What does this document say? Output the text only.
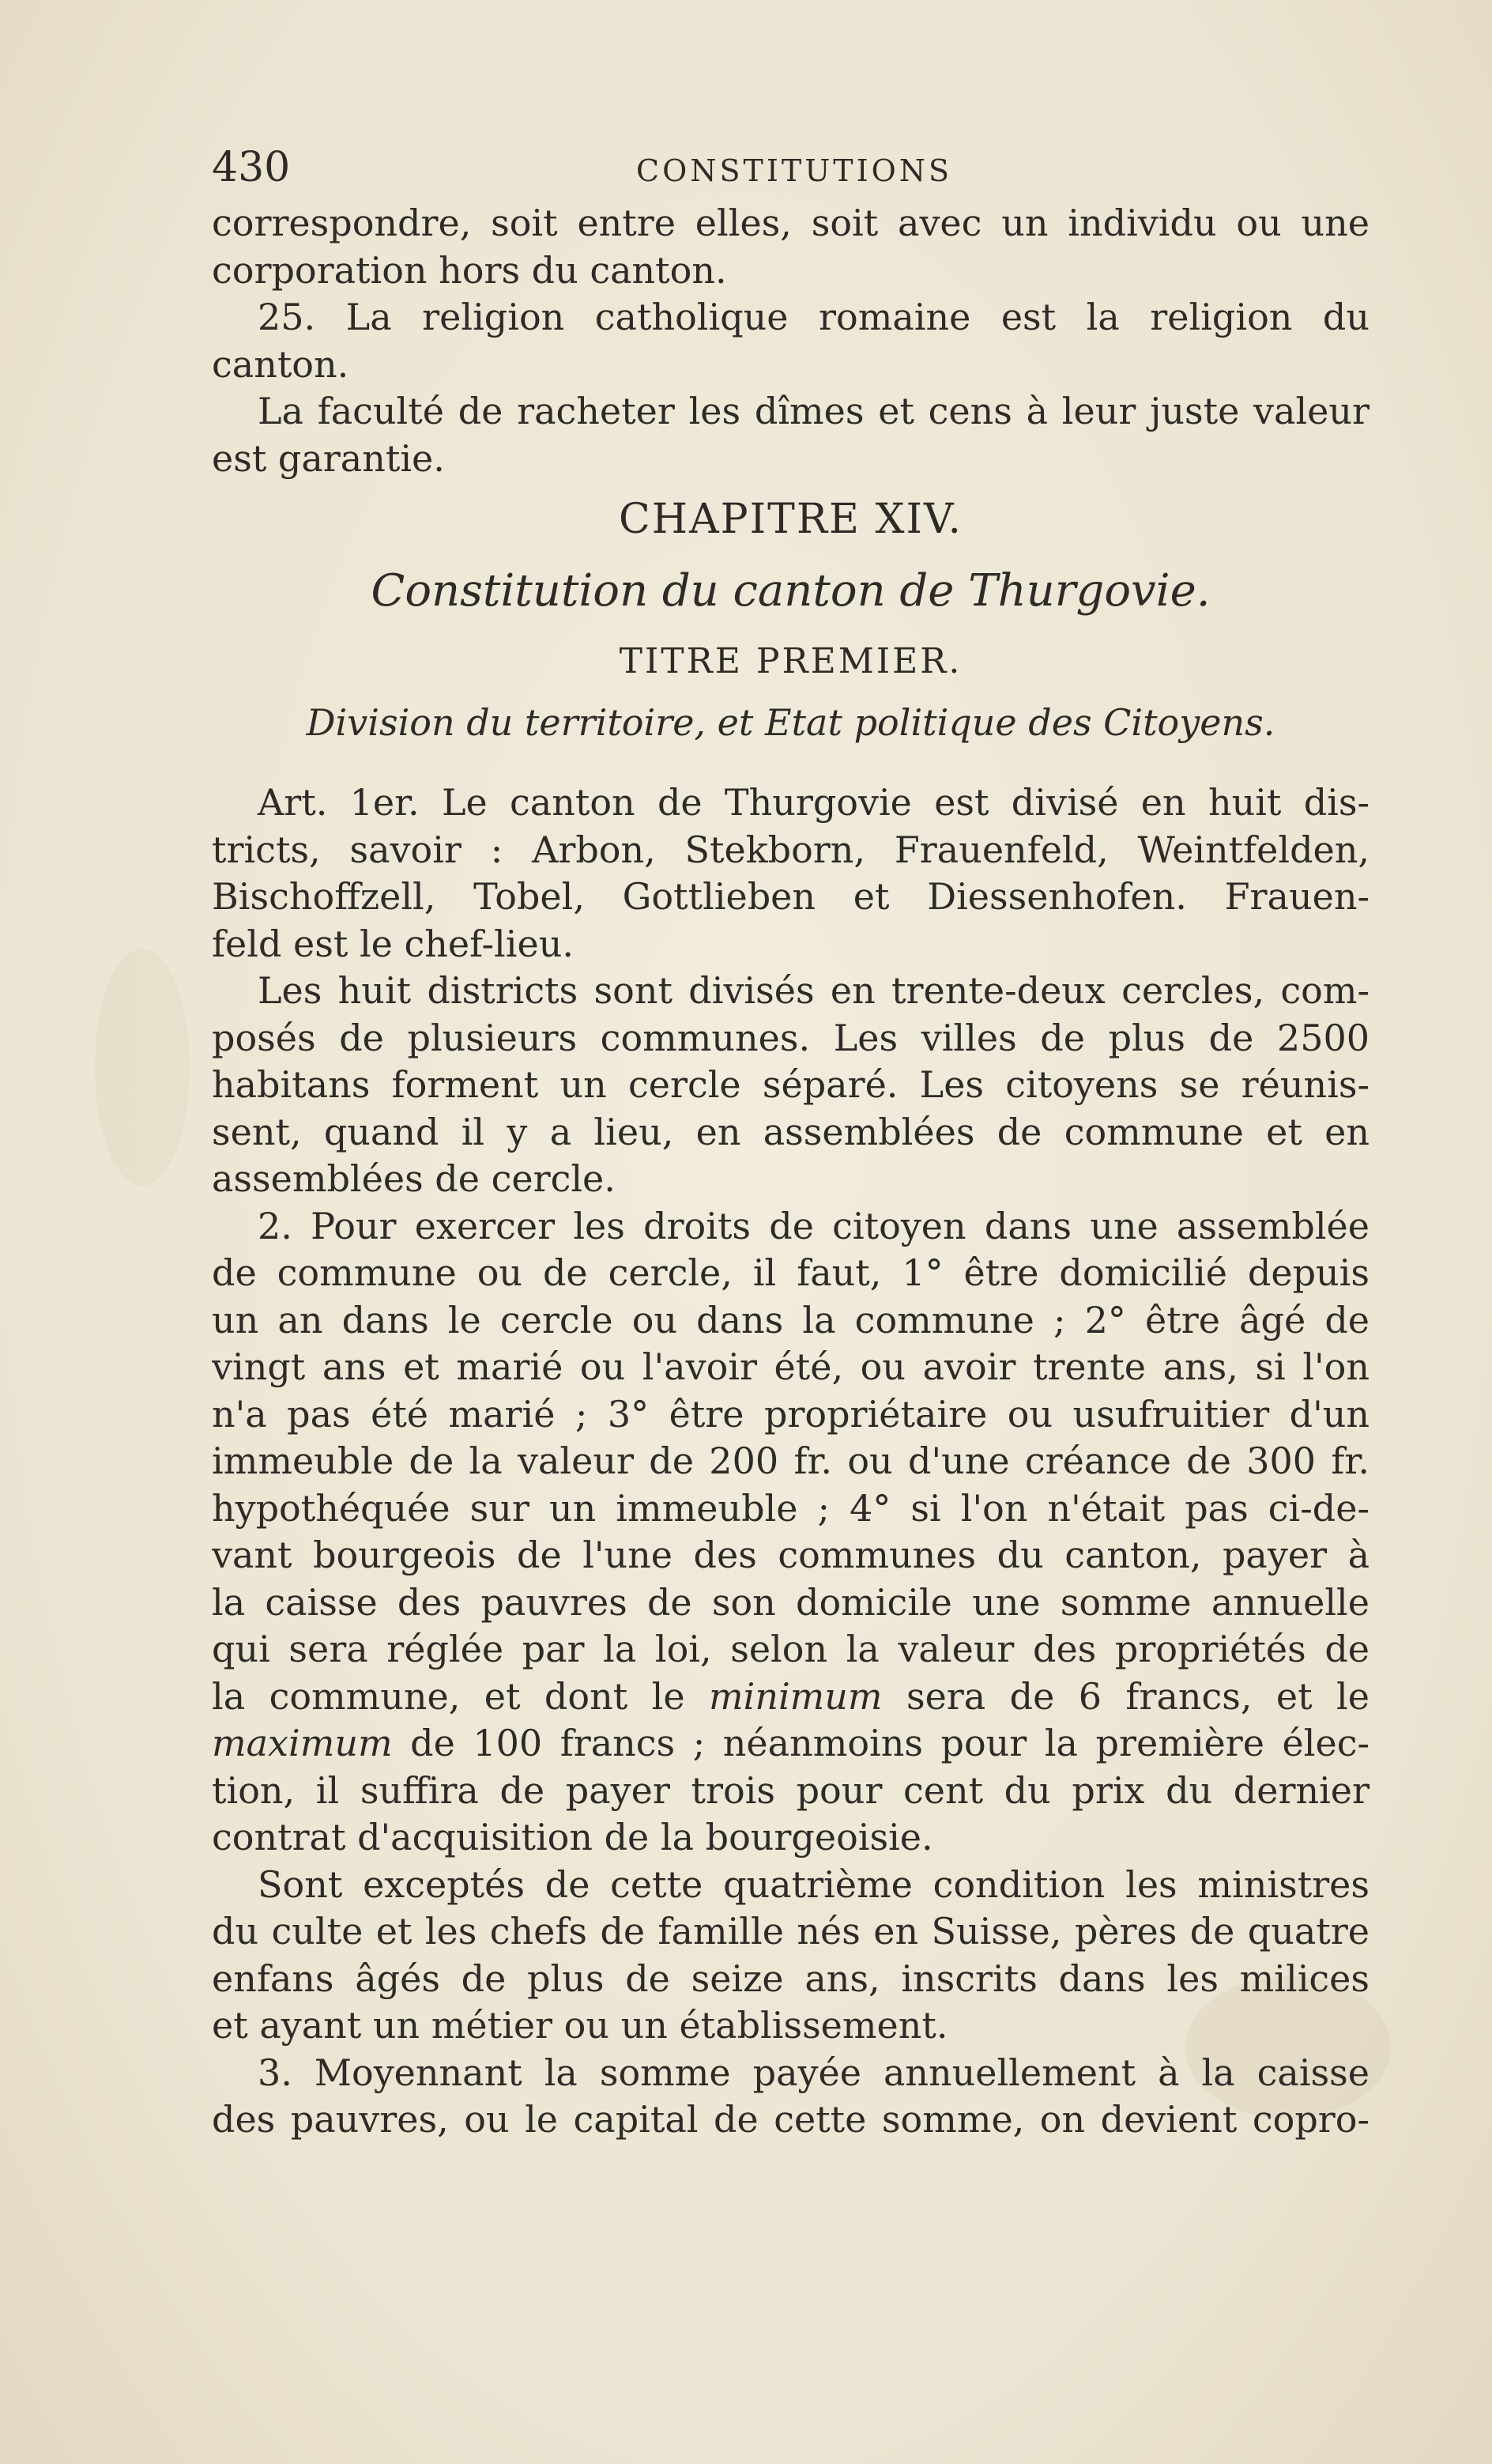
430	CONSTITUTIONS
correspondre, soit entre elles, soit avec un individu ou une
corporation hors du canton.
25. La religion catholique romaine est la religion du
canton.
La faculté de racheter les dîmes et cens à leur juste valeur
est garantie.
CHAPITRE XIV.
Constitution du canton de Thurgovie.
TITRE PREMIER.
Division du territoire, et Etat politique des Citoyens.
Art. 1er. Le canton de Thurgovie est divisé en huit dis-
tricts, savoir : Arbon, Stekborn, Frauenfeld, Weintfelden,
Bischoffzell, Tobel, Gottlieben et Diessenhofen. Frauen-
feld est le chef-lieu.
Les huit districts sont divisés en trente-deux cercles, com-
posés de plusieurs communes. Les villes de plus de 2500
habitans forment un cercle séparé. Les citoyens se réunis-
sent, quand il y a lieu, en assemblées de commune et en
assemblées de cercle.
2. Pour exercer les droits de citoyen dans une assemblée
de commune ou de cercle, il faut, 1° être domicilié depuis
un an dans le cercle ou dans la commune ; 2° être âgé de
vingt ans et marié ou l'avoir été, ou avoir trente ans, si l'on
n'a pas été marié ; 3° être propriétaire ou usufruitier d'un
immeuble de la valeur de 200 fr. ou d'une créance de 300 fr.
hypothéquée sur un immeuble ; 4° si l'on n'était pas ci-de-
vant bourgeois de l'une des communes du canton, payer à
la caisse des pauvres de son domicile une somme annuelle
qui sera réglée par la loi, selon la valeur des propriétés de
la commune, et dont le minimum sera de 6 francs, et le
maximum de 100 francs ; néanmoins pour la première élec-
tion, il suffira de payer trois pour cent du prix du dernier
contrat d'acquisition de la bourgeoisie.
Sont exceptés de cette quatrième condition les ministres
du culte et les chefs de famille nés en Suisse, pères de quatre
enfans âgés de plus de seize ans, inscrits dans les milices
et ayant un métier ou un établissement.
3. Moyennant la somme payée annuellement à la caisse
des pauvres, ou le capital de cette somme, on devient copro-
